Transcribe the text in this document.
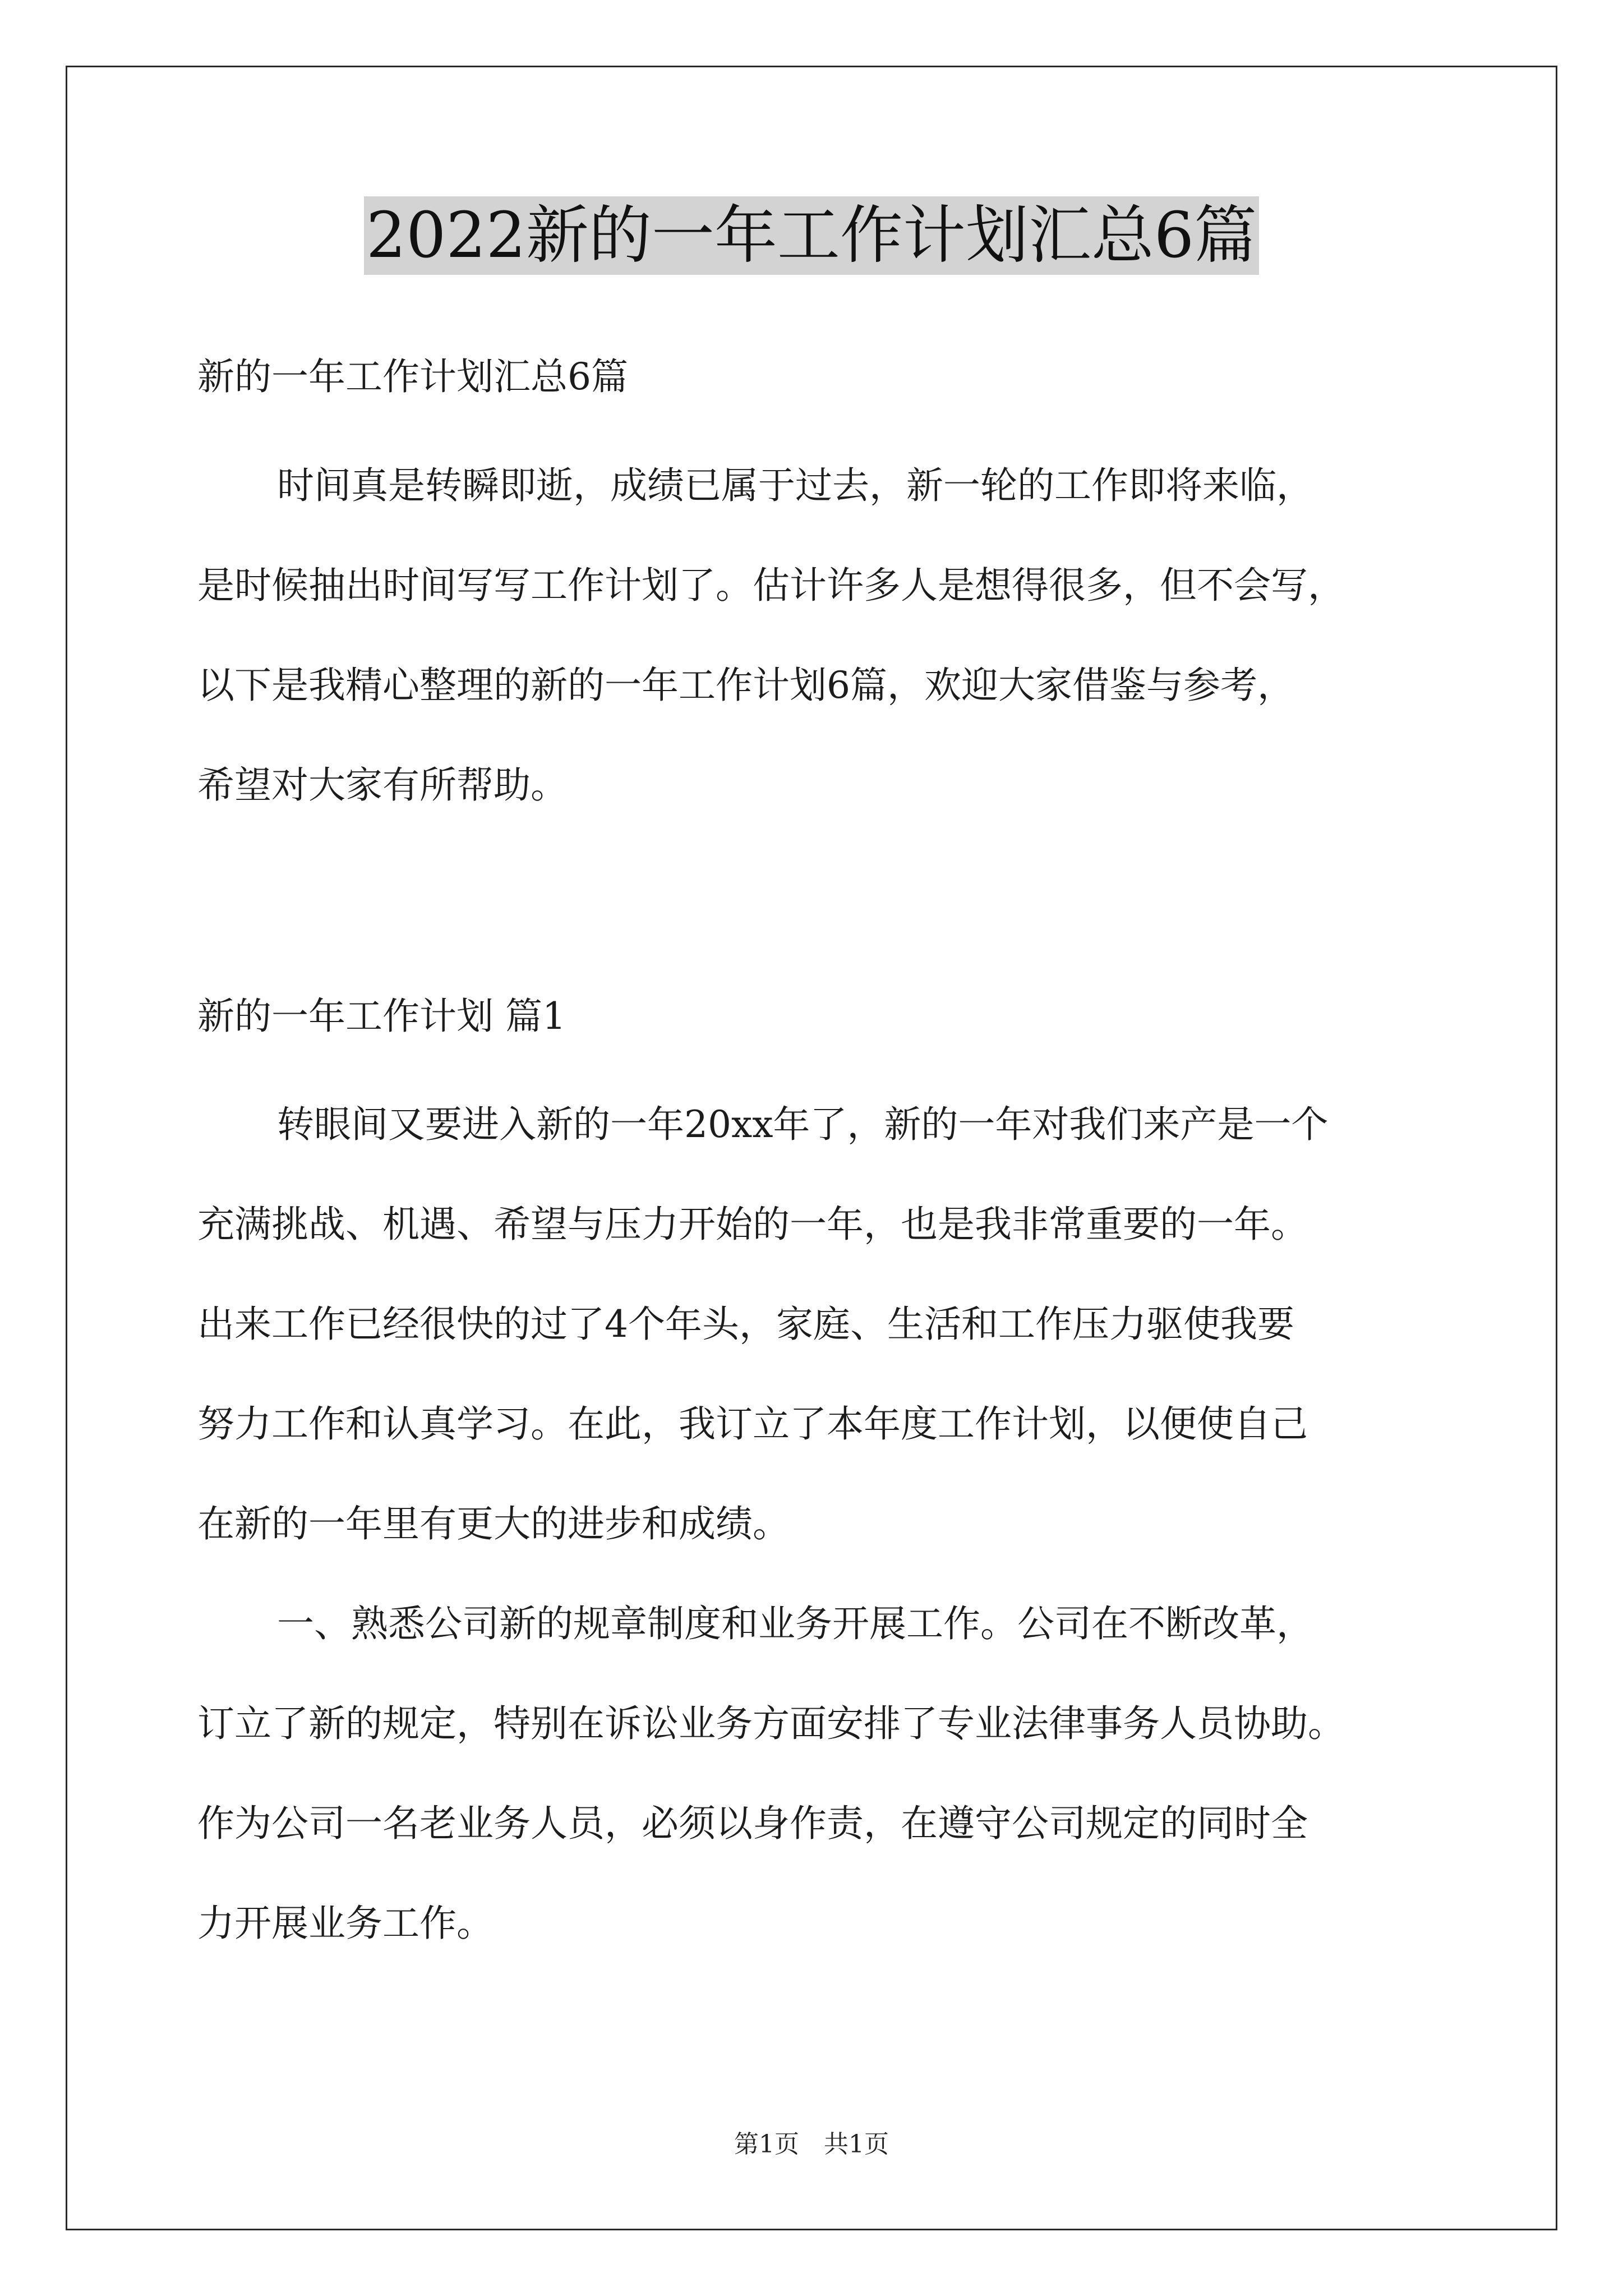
2022新的一年工作计划汇总6篇
新的一年工作计划汇总6篇
时间真是转瞬即逝，成绩已属于过去，新一轮的工作即将来临，
是时候抽出时间写写工作计划了。估计许多人是想得很多，但不会写，
以下是我精心整理的新的一年工作计划6篇，欢迎大家借鉴与参考，
希望对大家有所帮助。
新的一年工作计划 篇1
转眼间又要进入新的一年20xx年了，新的一年对我们来产是一个
充满挑战、机遇、希望与压力开始的一年，也是我非常重要的一年。
出来工作已经很快的过了4个年头，家庭、生活和工作压力驱使我要
努力工作和认真学习。在此，我订立了本年度工作计划，以便使自己
在新的一年里有更大的进步和成绩。
一、熟悉公司新的规章制度和业务开展工作。公司在不断改革，
订立了新的规定，特别在诉讼业务方面安排了专业法律事务人员协助。
作为公司一名老业务人员，必须以身作责，在遵守公司规定的同时全
力开展业务工作。
第1页　共1页
